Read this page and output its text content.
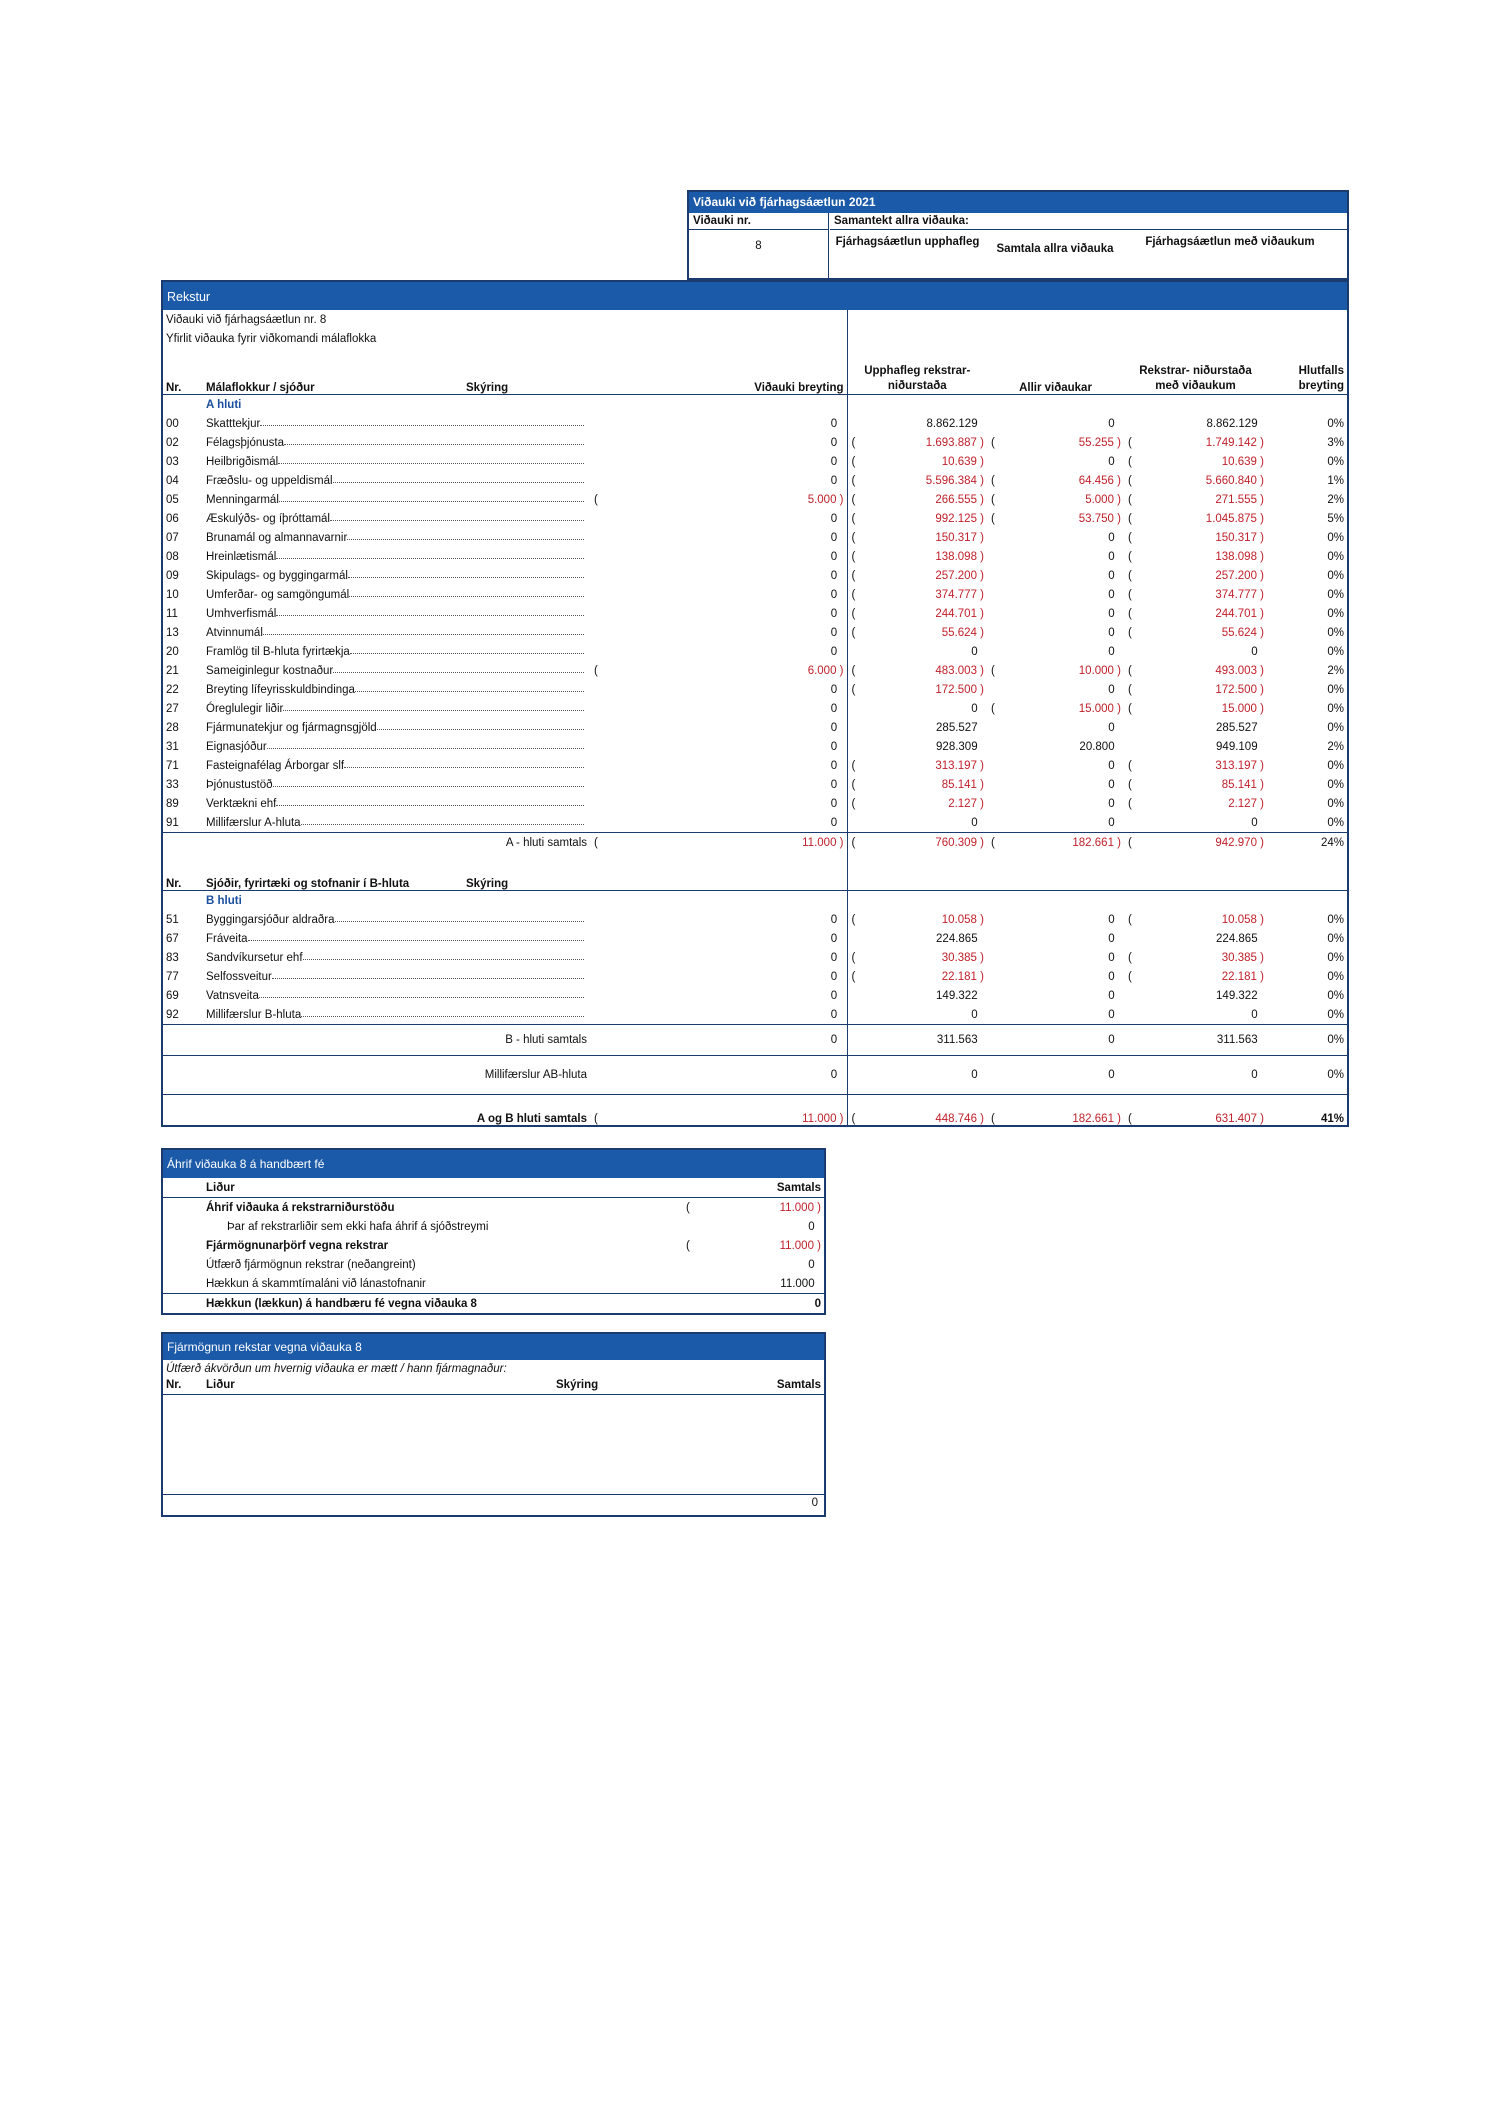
Viðauki við fjárhagsáætlun 2021
Viðauki nr.
8
Samantekt allra viðauka:
Fjárhagsáætlun upphafleg
Samtala allra viðauka
Fjárhagsáætlun með viðaukum
Rekstur
Viðauki við fjárhagsáætlun nr. 8							
Yfirlit viðauka fyrir viðkomandi málaflokka							
Nr.	Málaflokkur / sjóður	Skýring	Viðauki breyting	Upphafleg rekstrar- niðurstaða	Allir viðaukar	Rekstrar- niðurstaða með viðaukum	Hlutfalls breyting
	A hluti						
00	Skatttekjur		0	8.862.129	0	8.862.129	0%
02	Félagsþjónusta		0	( 1.693.887 )	( 55.255 )	( 1.749.142 )	3%
03	Heilbrigðismál		0	( 10.639 )	0	( 10.639 )	0%
04	Fræðslu- og uppeldismál		0	( 5.596.384 )	( 64.456 )	( 5.660.840 )	1%
05	Menningarmál		( 5.000 )	( 266.555 )	( 5.000 )	( 271.555 )	2%
06	Æskulýðs- og íþróttamál		0	( 992.125 )	( 53.750 )	( 1.045.875 )	5%
07	Brunamál og almannavarnir		0	( 150.317 )	0	( 150.317 )	0%
08	Hreinlætismál		0	( 138.098 )	0	( 138.098 )	0%
09	Skipulags- og byggingarmál		0	( 257.200 )	0	( 257.200 )	0%
10	Umferðar- og samgöngumál		0	( 374.777 )	0	( 374.777 )	0%
11	Umhverfismál		0	( 244.701 )	0	( 244.701 )	0%
13	Atvinnumál		0	( 55.624 )	0	( 55.624 )	0%
20	Framlög til B-hluta fyrirtækja		0	0	0	0	0%
21	Sameiginlegur kostnaður		( 6.000 )	( 483.003 )	( 10.000 )	( 493.003 )	2%
22	Breyting lífeyrisskuldbindinga		0	( 172.500 )	0	( 172.500 )	0%
27	Óreglulegir liðir		0	0	( 15.000 )	( 15.000 )	0%
28	Fjármunatekjur og fjármagnsgjöld		0	285.527	0	285.527	0%
31	Eignasjóður		0	928.309	20.800	949.109	2%
71	Fasteignafélag Árborgar slf		0	( 313.197 )	0	( 313.197 )	0%
33	Þjónustustöð		0	( 85.141 )	0	( 85.141 )	0%
89	Verktækni ehf		0	( 2.127 )	0	( 2.127 )	0%
91	Millifærslur A-hluta		0	0	0	0	0%
A - hluti samtals			( 11.000 )	( 760.309 )	( 182.661 )	( 942.970 )	24%

Nr.	Sjóðir, fyrirtæki og stofnanir í B-hluta	Skýring					
	B hluti						
51	Byggingarsjóður aldraðra		0	( 10.058 )	0	( 10.058 )	0%
67	Fráveita		0	224.865	0	224.865	0%
83	Sandvíkursetur ehf		0	( 30.385 )	0	( 30.385 )	0%
77	Selfossveitur		0	( 22.181 )	0	( 22.181 )	0%
69	Vatnsveita		0	149.322	0	149.322	0%
92	Millifærslur B-hluta		0	0	0	0	0%
B - hluti samtals			0	311.563	0	311.563	0%
Millifærslur AB-hluta			0	0	0	0	0%
A og B hluti samtals			( 11.000 )	( 448.746 )	( 182.661 )	( 631.407 )	41%
Áhrif viðauka 8 á handbært fé
	Liður		Samtals
	Áhrif viðauka á rekstrarniðurstöðu	(	11.000 )
	Þar af rekstrarliðir sem ekki hafa áhrif á sjóðstreymi		0
	Fjármögnunarþörf vegna rekstrar	(	11.000 )
	Útfærð fjármögnun rekstrar (neðangreint)		0
	Hækkun á skammtímaláni við lánastofnanir		11.000
	Hækkun (lækkun) á handbæru fé vegna viðauka 8		0
Fjármögnun rekstar vegna viðauka 8
Útfærð ákvörðun um hvernig viðauka er mætt / hann fjármagnaður:
Nr.	Liður	Skýring	Samtals
0
